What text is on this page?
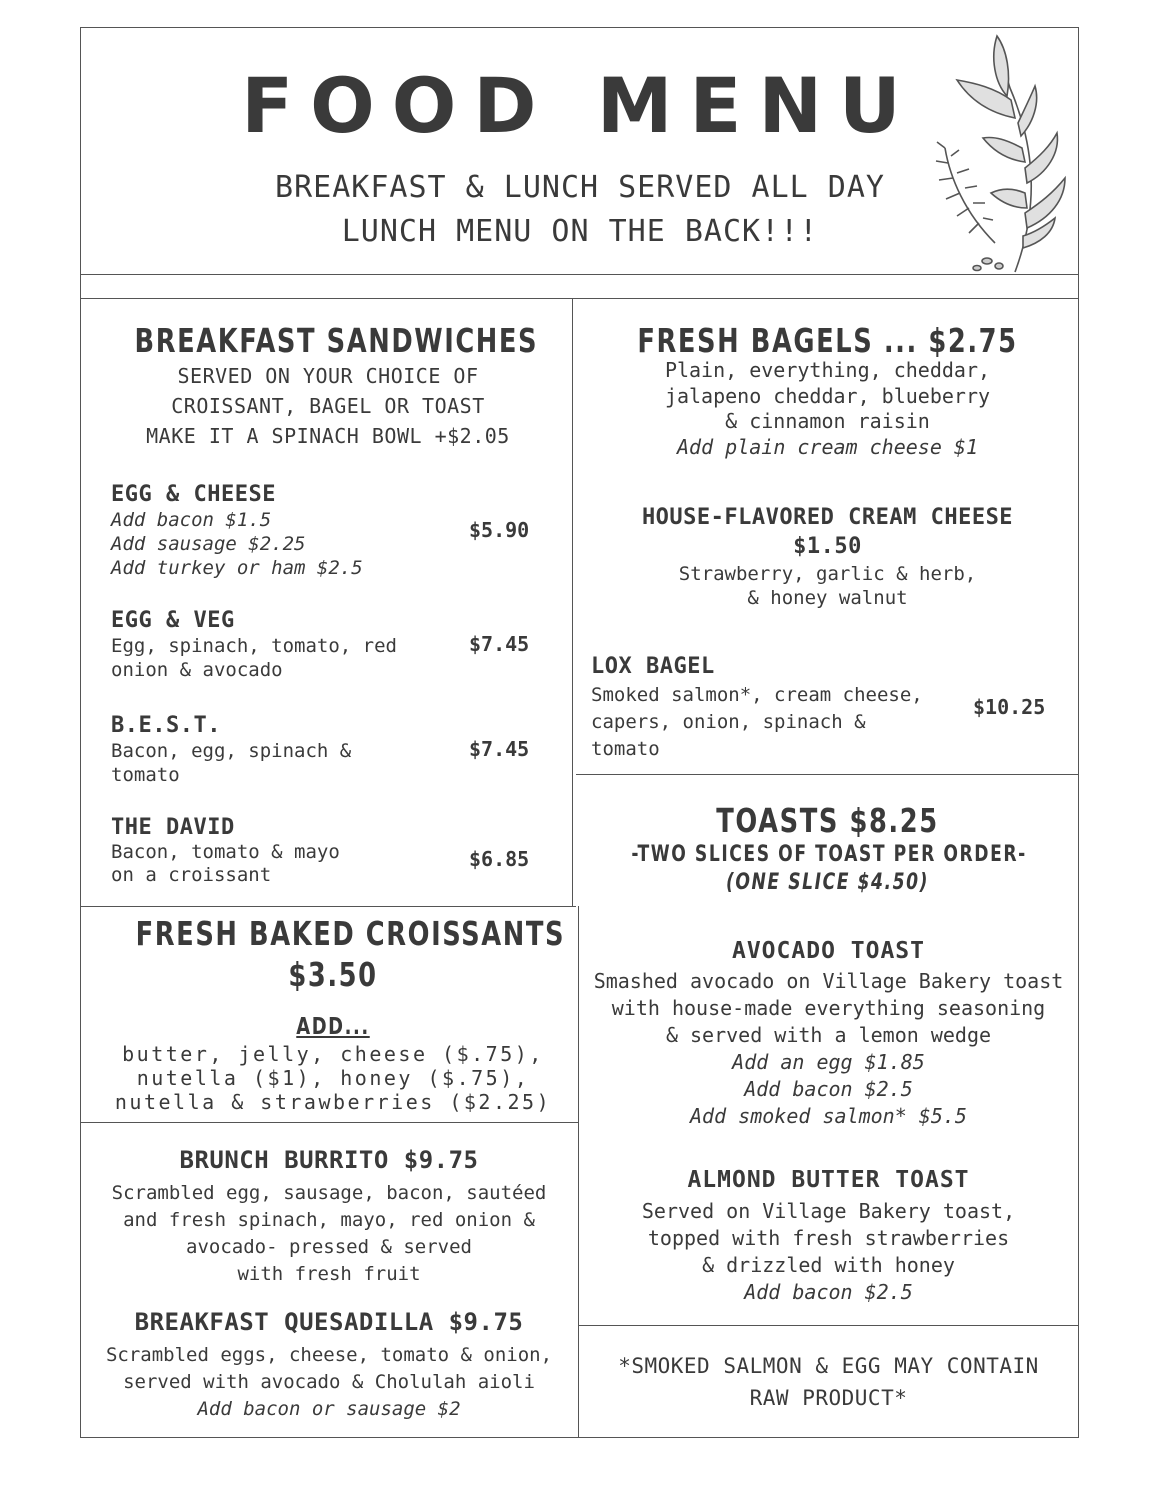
FOOD MENU
BREAKFAST & LUNCH SERVED ALL DAY
LUNCH MENU ON THE BACK!!!
BREAKFAST SANDWICHES
SERVED ON YOUR CHOICE OF
CROISSANT, BAGEL OR TOAST
MAKE IT A SPINACH BOWL +$2.05
EGG & CHEESE
Add bacon $1.5
Add sausage $2.25
Add turkey or ham $2.5
$5.90
EGG & VEG
Egg, spinach, tomato, red
onion & avocado
$7.45
B.E.S.T.
Bacon, egg, spinach &
tomato
$7.45
THE DAVID
Bacon, tomato & mayo
on a croissant
$6.85
FRESH BAKED CROISSANTS
$3.50
ADD...
butter, jelly, cheese ($.75),
nutella ($1), honey ($.75),
nutella & strawberries ($2.25)
BRUNCH BURRITO $9.75
Scrambled egg, sausage, bacon, sautéed
and fresh spinach, mayo, red onion &
avocado- pressed & served
with fresh fruit
BREAKFAST QUESADILLA $9.75
Scrambled eggs, cheese, tomato & onion,
served with avocado & Cholulah aioli
Add bacon or sausage $2
FRESH BAGELS ... $2.75
Plain, everything, cheddar,
jalapeno cheddar, blueberry
& cinnamon raisin
Add plain cream cheese $1
HOUSE-FLAVORED CREAM CHEESE
$1.50
Strawberry, garlic & herb,
& honey walnut
LOX BAGEL
Smoked salmon*, cream cheese,
capers, onion, spinach &
tomato
$10.25
TOASTS $8.25
-TWO SLICES OF TOAST PER ORDER-
(ONE SLICE $4.50)
AVOCADO TOAST
Smashed avocado on Village Bakery toast
with house-made everything seasoning
& served with a lemon wedge
Add an egg $1.85
Add bacon $2.5
Add smoked salmon* $5.5
ALMOND BUTTER TOAST
Served on Village Bakery toast,
topped with fresh strawberries
& drizzled with honey
Add bacon $2.5
*SMOKED SALMON & EGG MAY CONTAIN
RAW PRODUCT*
